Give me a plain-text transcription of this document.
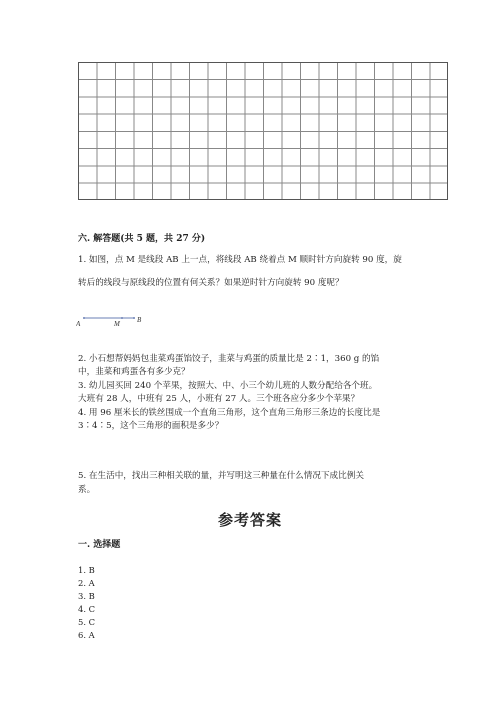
六. 解答题(共 5 题，共 27 分)
1. 如图，点 M 是线段 AB 上一点，将线段 AB 绕着点 M 顺时针方向旋转 90 度，旋
转后的线段与原线段的位置有何关系？如果逆时针方向旋转 90 度呢？
A	M B
2. 小石想帮妈妈包韭菜鸡蛋馅饺子，韭菜与鸡蛋的质量比是 2∶1，360 g 的馅
中，韭菜和鸡蛋各有多少克？
3. 幼儿园买回 240 个苹果，按照大、中、小三个幼儿班的人数分配给各个班。
大班有 28 人，中班有 25 人，小班有 27 人。三个班各应分多少个苹果？
4. 用 96 厘米长的铁丝围成一个直角三角形，这个直角三角形三条边的长度比是
3∶4∶5，这个三角形的面积是多少？
5. 在生活中，找出三种相关联的量，并写明这三种量在什么情况下成比例关
系。
参考答案
一. 选择题
1. B
2. A
3. B
4. C
5. C
6. A
